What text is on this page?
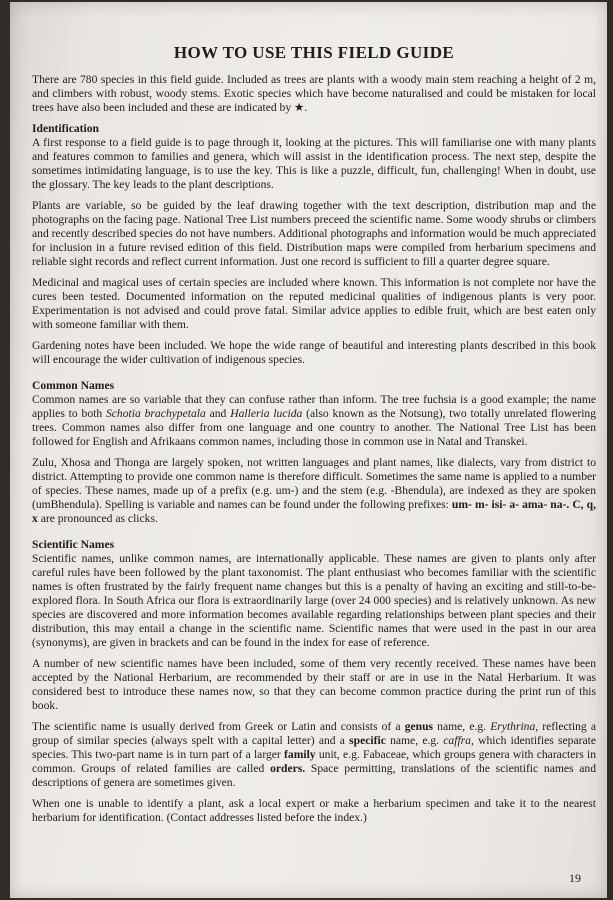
HOW TO USE THIS FIELD GUIDE

There are 780 species in this field guide. Included as trees are plants with a woody main stem reaching a height of 2 m, and climbers with robust, woody stems. Exotic species which have become naturalised and could be mistaken for local trees have also been included and these are indicated by ★.

Identification

A first response to a field guide is to page through it, looking at the pictures. This will familiarise one with many plants and features common to families and genera, which will assist in the identification process. The next step, despite the sometimes intimidating language, is to use the key. This is like a puzzle, difficult, fun, challenging! When in doubt, use the glossary. The key leads to the plant descriptions.

Plants are variable, so be guided by the leaf drawing together with the text description, distribution map and the photographs on the facing page. National Tree List numbers preceed the scientific name. Some woody shrubs or climbers and recently described species do not have numbers. Additional photographs and information would be much appreciated for inclusion in a future revised edition of this field. Distribution maps were compiled from herbarium specimens and reliable sight records and reflect current information. Just one record is sufficient to fill a quarter degree square.

Medicinal and magical uses of certain species are included where known. This information is not complete nor have the cures been tested. Documented information on the reputed medicinal qualities of indigenous plants is very poor. Experimentation is not advised and could prove fatal. Similar advice applies to edible fruit, which are best eaten only with someone familiar with them.

Gardening notes have been included. We hope the wide range of beautiful and interesting plants described in this book will encourage the wider cultivation of indigenous species.

Common Names

Common names are so variable that they can confuse rather than inform. The tree fuchsia is a good example; the name applies to both Schotia brachypetala and Halleria lucida (also known as the Notsung), two totally unrelated flowering trees. Common names also differ from one language and one country to another. The National Tree List has been followed for English and Afrikaans common names, including those in common use in Natal and Transkei.

Zulu, Xhosa and Thonga are largely spoken, not written languages and plant names, like dialects, vary from district to district. Attempting to provide one common name is therefore difficult. Sometimes the same name is applied to a number of species. These names, made up of a prefix (e.g. um-) and the stem (e.g. -Bhendula), are indexed as they are spoken (umBhendula). Spelling is variable and names can be found under the following prefixes: um- m- isi- a- ama- na-. C, q, x are pronounced as clicks.

Scientific Names

Scientific names, unlike common names, are internationally applicable. These names are given to plants only after careful rules have been followed by the plant taxonomist. The plant enthusiast who becomes familiar with the scientific names is often frustrated by the fairly frequent name changes but this is a penalty of having an exciting and still-to-be-explored flora. In South Africa our flora is extraordinarily large (over 24 000 species) and is relatively unknown. As new species are discovered and more information becomes available regarding relationships between plant species and their distribution, this may entail a change in the scientific name. Scientific names that were used in the past in our area (synonyms), are given in brackets and can be found in the index for ease of reference.

A number of new scientific names have been included, some of them very recently received. These names have been accepted by the National Herbarium, are recommended by their staff or are in use in the Natal Herbarium. It was considered best to introduce these names now, so that they can become common practice during the print run of this book.

The scientific name is usually derived from Greek or Latin and consists of a genus name, e.g. Erythrina, reflecting a group of similar species (always spelt with a capital letter) and a specific name, e.g. caffra, which identifies separate species. This two-part name is in turn part of a larger family unit, e.g. Fabaceae, which groups genera with characters in common. Groups of related families are called orders. Space permitting, translations of the scientific names and descriptions of genera are sometimes given.

When one is unable to identify a plant, ask a local expert or make a herbarium specimen and take it to the nearest herbarium for identification. (Contact addresses listed before the index.)

19
